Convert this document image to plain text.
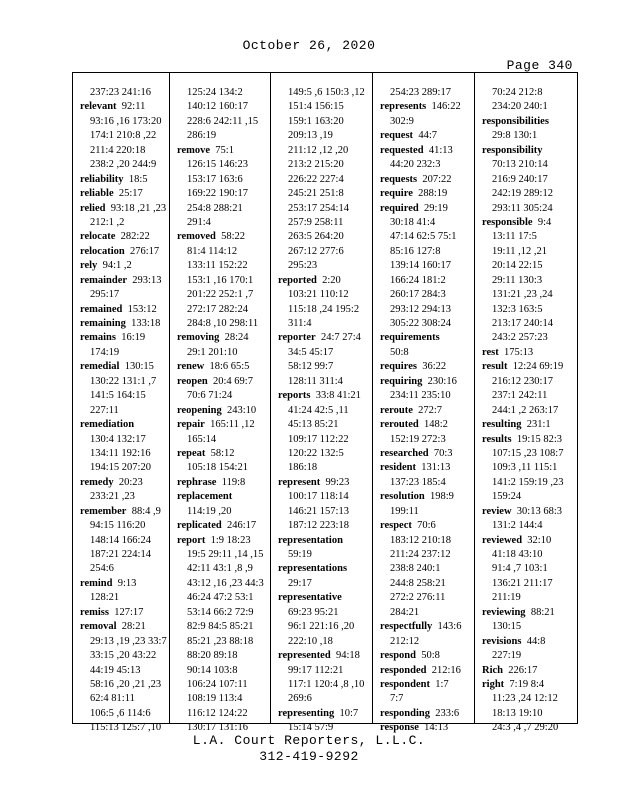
October 26, 2020
Page 340
237:23 241:16
relevant 92:11
93:16 ,16 173:20
174:1 210:8 ,22
211:4 220:18
238:2 ,20 244:9
reliability 18:5
reliable 25:17
relied 93:18 ,21 ,23
212:1 ,2
relocate 282:22
relocation 276:17
rely 94:1 ,2
remainder 293:13
295:17
remained 153:12
remaining 133:18
remains 16:19
174:19
remedial 130:15
130:22 131:1 ,7
141:5 164:15
227:11
remediation
130:4 132:17
134:11 192:16
194:15 207:20
remedy 20:23
233:21 ,23
remember 88:4 ,9
94:15 116:20
148:14 166:24
187:21 224:14
254:6
remind 9:13
128:21
remiss 127:17
removal 28:21
29:13 ,19 ,23 33:7
33:15 ,20 43:22
44:19 45:13
58:16 ,20 ,21 ,23
62:4 81:11
106:5 ,6 114:6
115:13 125:7 ,10
125:24 134:2
140:12 160:17
228:6 242:11 ,15
286:19
remove 75:1
126:15 146:23
153:17 163:6
169:22 190:17
254:8 288:21
291:4
removed 58:22
81:4 114:12
133:11 152:22
153:1 ,16 170:1
201:22 252:1 ,7
272:17 282:24
284:8 ,10 298:11
removing 28:24
29:1 201:10
renew 18:6 65:5
reopen 20:4 69:7
70:6 71:24
reopening 243:10
repair 165:11 ,12
165:14
repeat 58:12
105:18 154:21
rephrase 119:8
replacement
114:19 ,20
replicated 246:17
report 1:9 18:23
19:5 29:11 ,14 ,15
42:11 43:1 ,8 ,9
43:12 ,16 ,23 44:3
46:24 47:2 53:1
53:14 66:2 72:9
82:9 84:5 85:21
85:21 ,23 88:18
88:20 89:18
90:14 103:8
106:24 107:11
108:19 113:4
116:12 124:22
130:17 131:16
149:5 ,6 150:3 ,12
151:4 156:15
159:1 163:20
209:13 ,19
211:12 ,12 ,20
213:2 215:20
226:22 227:4
245:21 251:8
253:17 254:14
257:9 258:11
263:5 264:20
267:12 277:6
295:23
reported 2:20
103:21 110:12
115:18 ,24 195:2
311:4
reporter 24:7 27:4
34:5 45:17
58:12 99:7
128:11 311:4
reports 33:8 41:21
41:24 42:5 ,11
45:13 85:21
109:17 112:22
120:22 132:5
186:18
represent 99:23
100:17 118:14
146:21 157:13
187:12 223:18
representation
59:19
representations
29:17
representative
69:23 95:21
96:1 221:16 ,20
222:10 ,18
represented 94:18
99:17 112:21
117:1 120:4 ,8 ,10
269:6
representing 10:7
15:14 57:9
254:23 289:17
represents 146:22
302:9
request 44:7
requested 41:13
44:20 232:3
requests 207:22
require 288:19
required 29:19
30:18 41:4
47:14 62:5 75:1
85:16 127:8
139:14 160:17
166:24 181:2
260:17 284:3
293:12 294:13
305:22 308:24
requirements
50:8
requires 36:22
requiring 230:16
234:11 235:10
reroute 272:7
rerouted 148:2
152:19 272:3
researched 70:3
resident 131:13
137:23 185:4
resolution 198:9
199:11
respect 70:6
183:12 210:18
211:24 237:12
238:8 240:1
244:8 258:21
272:2 276:11
284:21
respectfully 143:6
212:12
respond 50:8
responded 212:16
respondent 1:7
7:7
responding 233:6
response 14:13
70:24 212:8
234:20 240:1
responsibilities
29:8 130:1
responsibility
70:13 210:14
216:9 240:17
242:19 289:12
293:11 305:24
responsible 9:4
13:11 17:5
19:11 ,12 ,21
20:14 22:15
29:11 130:3
131:21 ,23 ,24
132:3 163:5
213:17 240:14
243:2 257:23
rest 175:13
result 12:24 69:19
216:12 230:17
237:1 242:11
244:1 ,2 263:17
resulting 231:1
results 19:15 82:3
107:15 ,23 108:7
109:3 ,11 115:1
141:2 159:19 ,23
159:24
review 30:13 68:3
131:2 144:4
reviewed 32:10
41:18 43:10
91:4 ,7 103:1
136:21 211:17
211:19
reviewing 88:21
130:15
revisions 44:8
227:19
Rich 226:17
right 7:19 8:4
11:23 ,24 12:12
18:13 19:10
24:3 ,4 ,7 29:20
L.A. Court Reporters, L.L.C.
312-419-9292
